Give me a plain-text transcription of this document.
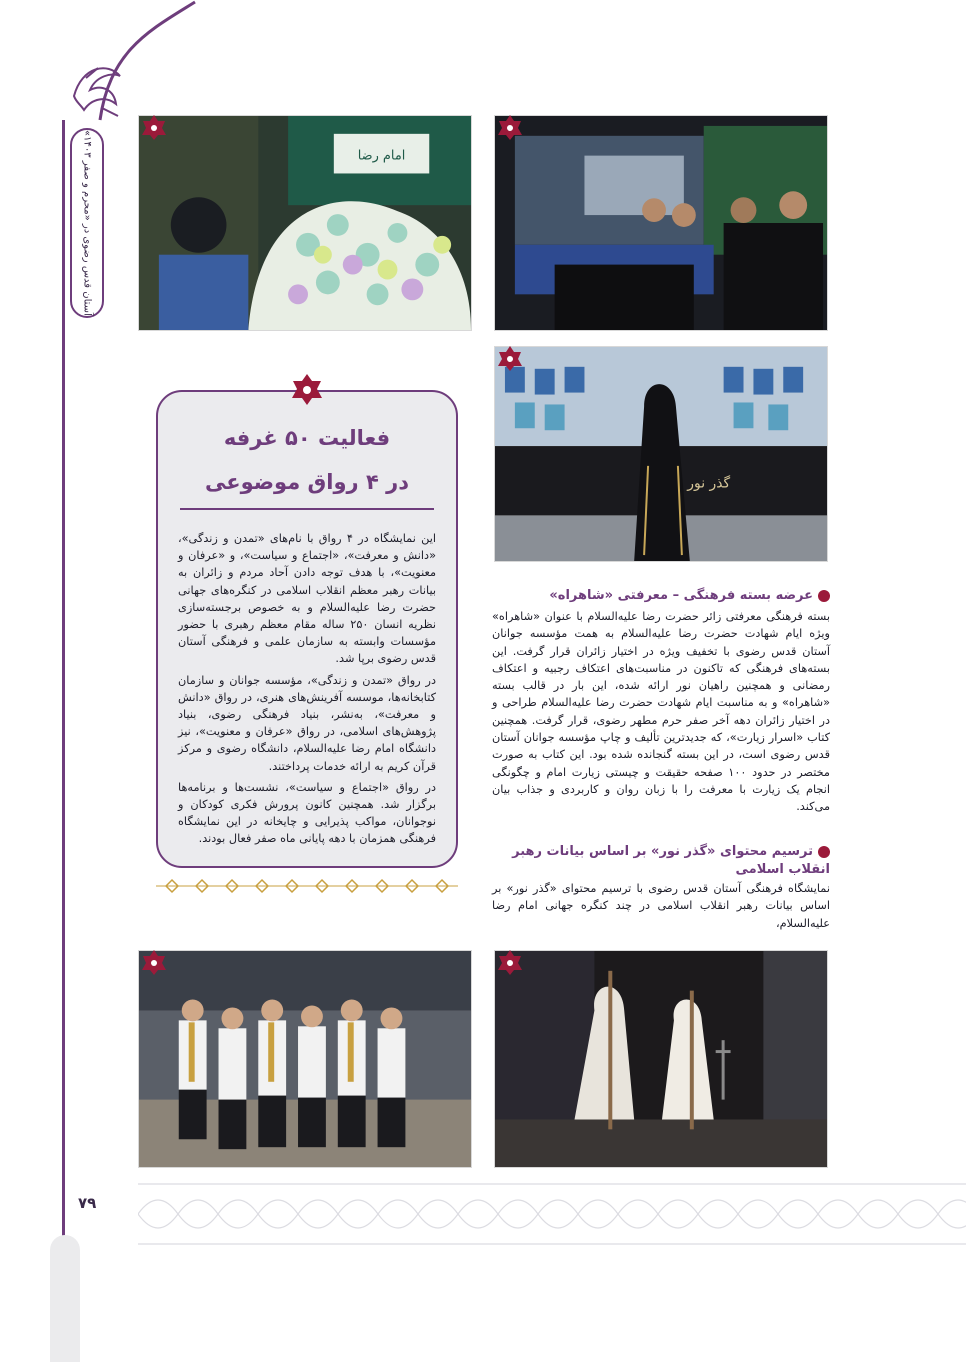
آستان قدس رضوی در «محرم و صفر ۱۴۰۳»
۷۹
امام رضا
گذر نور
فعالیت ۵۰ غرفه
در ۴ رواق موضوعی

این نمایشگاه در ۴ رواق با نام‌های «تمدن و زندگی»، «دانش و معرفت»، «اجتماع و سیاست»، و «عرفان و معنویت»، با هدف توجه دادن آحاد مردم و زائران به بیانات رهبر معظم انقلاب اسلامی در کنگره‌های جهانی حضرت رضا علیه‌السلام و به خصوص برجسته‌سازی نظریه انسان ۲۵۰ ساله مقام معظم رهبری با حضور مؤسسات وابسته به سازمان علمی و فرهنگی آستان قدس رضوی برپا شد.

در رواق «تمدن و زندگی»، مؤسسه جوانان و سازمان کتابخانه‌ها، موسسه آفرینش‌های هنری، در رواق «دانش و معرفت»، به‌نشر، بنیاد فرهنگی رضوی، بنیاد پژوهش‌های اسلامی، در رواق «عرفان و معنویت»، نیز دانشگاه امام رضا علیه‌السلام، دانشگاه رضوی و مرکز قرآن کریم به ارائه خدمات پرداختند.

در رواق «اجتماع و سیاست»، نشست‌ها و برنامه‌ها برگزار شد. همچنین کانون پرورش فکری کودکان و نوجوانان، مواکب پذیرایی و چایخانه در این نمایشگاه فرهنگی همزمان با دهه پایانی ماه صفر فعال بودند.

عرضه بسته فرهنگی – معرفتی «شاهراه»
بسته فرهنگی معرفتی زائر حضرت رضا علیه‌السلام با عنوان «شاهراه» ویژه ایام شهادت حضرت رضا علیه‌السلام به همت مؤسسه جوانان آستان قدس رضوی با تخفیف ویژه در اختیار زائران قرار گرفت. این بسته‌های فرهنگی که تاکنون در مناسبت‌های اعتکاف رجبیه و اعتکاف رمضانی و همچنین راهیان نور ارائه شده، این بار در قالب بسته «شاهراه» و به مناسبت ایام شهادت حضرت رضا علیه‌السلام طراحی و در اختیار زائران دهه آخر صفر حرم مطهر رضوی، قرار گرفت. همچنین کتاب «اسرار زیارت»، که جدیدترین تألیف و چاپ مؤسسه جوانان آستان قدس رضوی است، در این بسته گنجانده شده بود. این کتاب به صورت مختصر در حدود ۱۰۰ صفحه حقیقت و چیستی زیارت امام و چگونگی انجام یک زیارت با معرفت را با زبان روان و کاربردی و جذاب بیان می‌کند.
ترسیم محتوای «گذر نور» بر اساس بیانات رهبر
انقلاب اسلامی
نمایشگاه فرهنگی آستان قدس رضوی با ترسیم محتوای «گذر نور» بر اساس بیانات رهبر انقلاب اسلامی در چند کنگره جهانی امام رضا علیه‌السلام،
